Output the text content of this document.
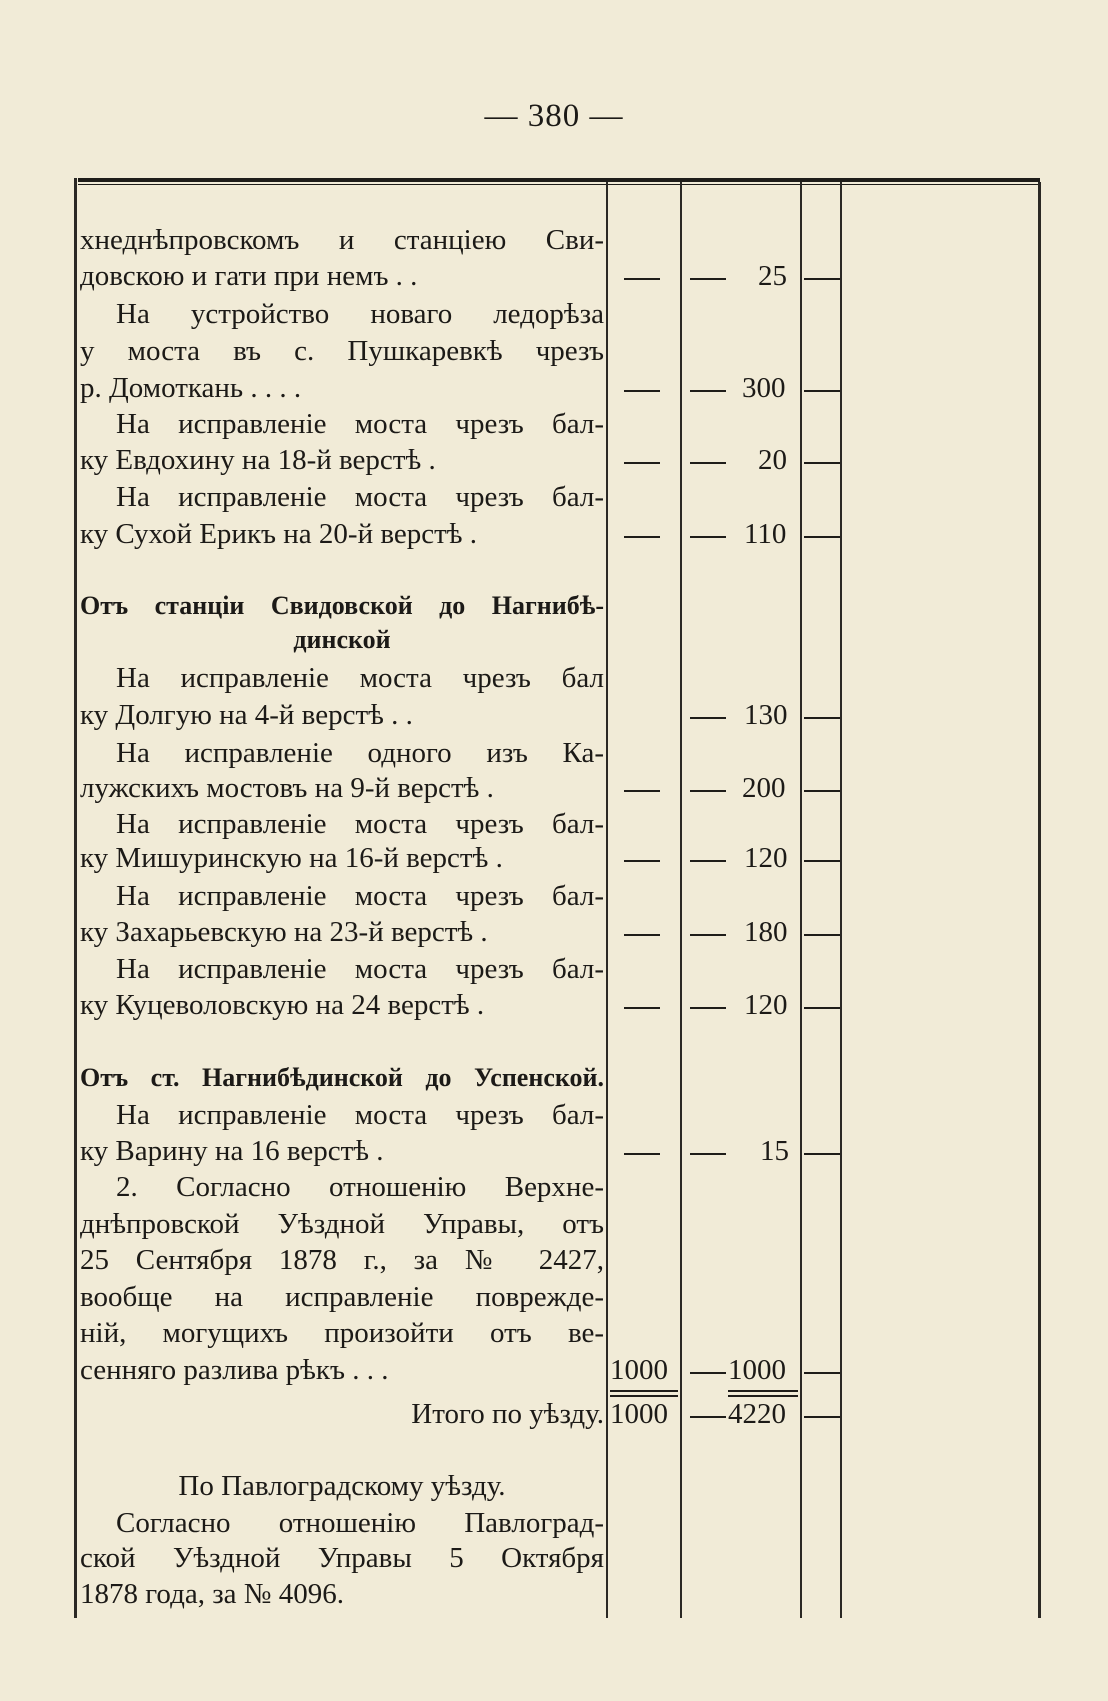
— 380 —
хнеднѣпровскомъ и станціею Сви-
довскою и гати при немъ . .
На устройство новаго ледорѣза
у моста въ с. Пушкаревкѣ чрезъ
р. Домоткань . . . .
На исправленіе моста чрезъ бал-
ку Евдохину на 18-й верстѣ .
На исправленіе моста чрезъ бал-
ку Сухой Ерикъ на 20-й верстѣ .
Отъ станціи Свидовской до Нагнибѣ-
динской
На исправленіе моста чрезъ бал
ку Долгую на 4-й верстѣ . .
На исправленіе одного изъ Ка-
лужскихъ мостовъ на 9-й верстѣ .
На исправленіе моста чрезъ бал-
ку Мишуринскую на 16-й верстѣ .
На исправленіе моста чрезъ бал-
ку Захарьевскую на 23-й верстѣ .
На исправленіе моста чрезъ бал-
ку Куцеволовскую на 24 верстѣ .
Отъ ст. Нагнибѣдинской до Успенской.
На исправленіе моста чрезъ бал-
ку Варину на 16 верстѣ .
2. Согласно отношенію Верхне-
днѣпровской Уѣздной Управы, отъ
25 Сентября 1878 г., за № 2427,
вообще на исправленіе поврежде-
ній, могущихъ произойти отъ ве-
сенняго разлива рѣкъ . . .
Итого по уѣзду.
По Павлоградскому уѣзду.
Согласно отношенію Павлоград-
ской Уѣздной Управы 5 Октября
1878 года, за № 4096.
25
300
20
110
130
200
120
180
120
15
1000 1000
1000 4220
